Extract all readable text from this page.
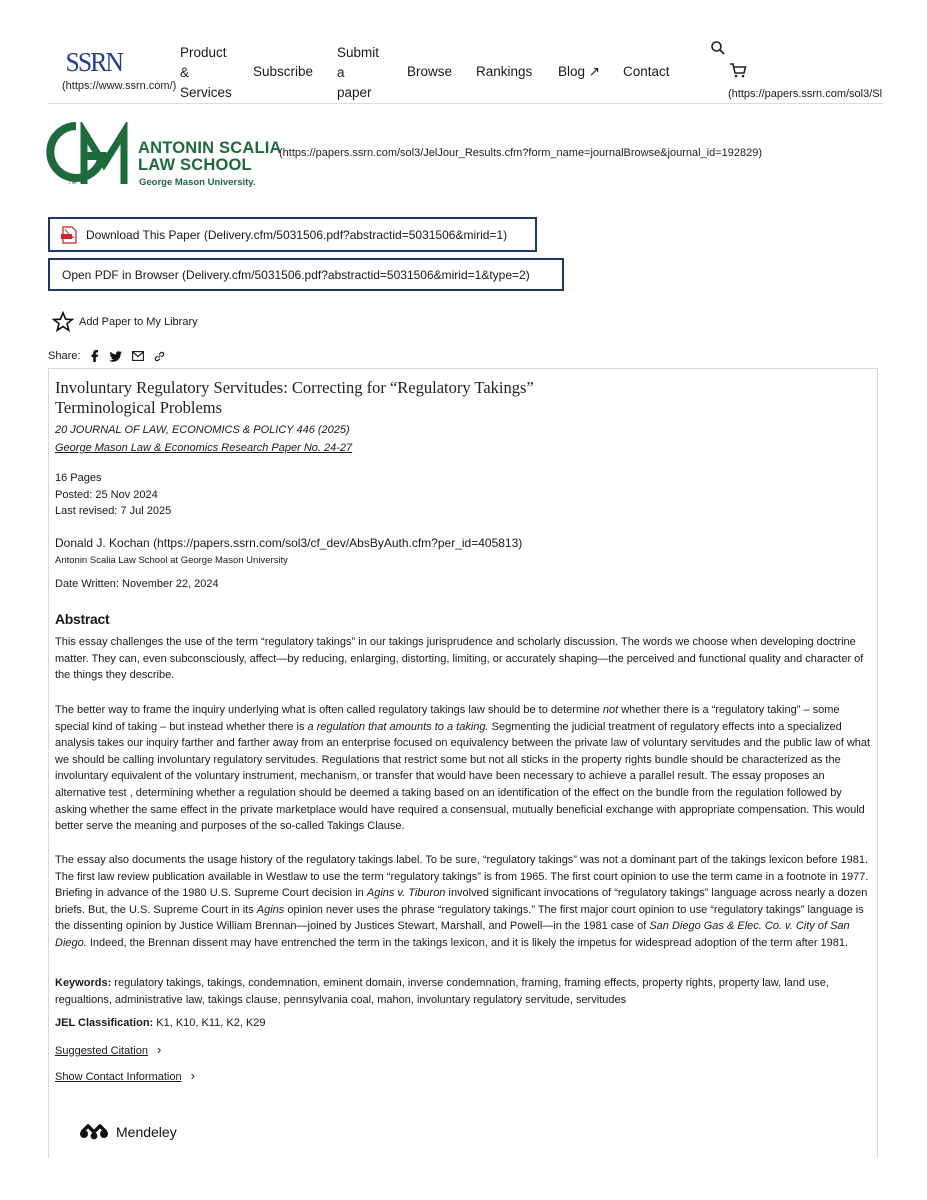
SSRN
(https://www.ssrn.com/)
Product
&
Services
Subscribe
Submit
a
paper
Browse Rankings Blog ↗ Contact
(https://papers.ssrn.com/sol3/Sl
TM
ANTONIN SCALIA
LAW SCHOOL
George Mason University.
(https://papers.ssrn.com/sol3/JelJour_Results.cfm?form_name=journalBrowse&journal_id=192829)
Download This Paper (Delivery.cfm/5031506.pdf?abstractid=5031506&mirid=1)
Open PDF in Browser (Delivery.cfm/5031506.pdf?abstractid=5031506&mirid=1&type=2)
Add Paper to My Library
Share:
Involuntary Regulatory Servitudes: Correcting for “Regulatory Takings”
Terminological Problems
20 JOURNAL OF LAW, ECONOMICS & POLICY 446 (2025)
George Mason Law & Economics Research Paper No. 24-27
16 Pages
Posted: 25 Nov 2024
Last revised: 7 Jul 2025
Donald J. Kochan (https://papers.ssrn.com/sol3/cf_dev/AbsByAuth.cfm?per_id=405813)
Antonin Scalia Law School at George Mason University
Date Written: November 22, 2024
Abstract
This essay challenges the use of the term “regulatory takings” in our takings jurisprudence and scholarly discussion. The words we choose when developing doctrine matter. They can, even subconsciously, affect—by reducing, enlarging, distorting, limiting, or accurately shaping—the perceived and functional quality and character of the things they describe.
The better way to frame the inquiry underlying what is often called regulatory takings law should be to determine not whether there is a “regulatory taking” – some special kind of taking – but instead whether there is a regulation that amounts to a taking. Segmenting the judicial treatment of regulatory effects into a specialized analysis takes our inquiry farther and farther away from an enterprise focused on equivalency between the private law of voluntary servitudes and the public law of what we should be calling involuntary regulatory servitudes. Regulations that restrict some but not all sticks in the property rights bundle should be characterized as the involuntary equivalent of the voluntary instrument, mechanism, or transfer that would have been necessary to achieve a parallel result. The essay proposes an alternative test , determining whether a regulation should be deemed a taking based on an identification of the effect on the bundle from the regulation followed by asking whether the same effect in the private marketplace would have required a consensual, mutually beneficial exchange with appropriate compensation. This would better serve the meaning and purposes of the so-called Takings Clause.
The essay also documents the usage history of the regulatory takings label. To be sure, “regulatory takings” was not a dominant part of the takings lexicon before 1981. The first law review publication available in Westlaw to use the term “regulatory takings” is from 1965. The first court opinion to use the term came in a footnote in 1977. Briefing in advance of the 1980 U.S. Supreme Court decision in Agins v. Tiburon involved significant invocations of “regulatory takings” language across nearly a dozen briefs. But, the U.S. Supreme Court in its Agins opinion never uses the phrase “regulatory takings.” The first major court opinion to use “regulatory takings” language is the dissenting opinion by Justice William Brennan—joined by Justices Stewart, Marshall, and Powell—in the 1981 case of San Diego Gas & Elec. Co. v. City of San Diego. Indeed, the Brennan dissent may have entrenched the term in the takings lexicon, and it is likely the impetus for widespread adoption of the term after 1981.
Keywords: regulatory takings, takings, condemnation, eminent domain, inverse condemnation, framing, framing effects, property rights, property law, land use, regualtions, administrative law, takings clause, pennsylvania coal, mahon, involuntary regulatory servitude, servitudes
JEL Classification: K1, K10, K11, K2, K29
Suggested Citation ›
Show Contact Information ›
Mendeley
